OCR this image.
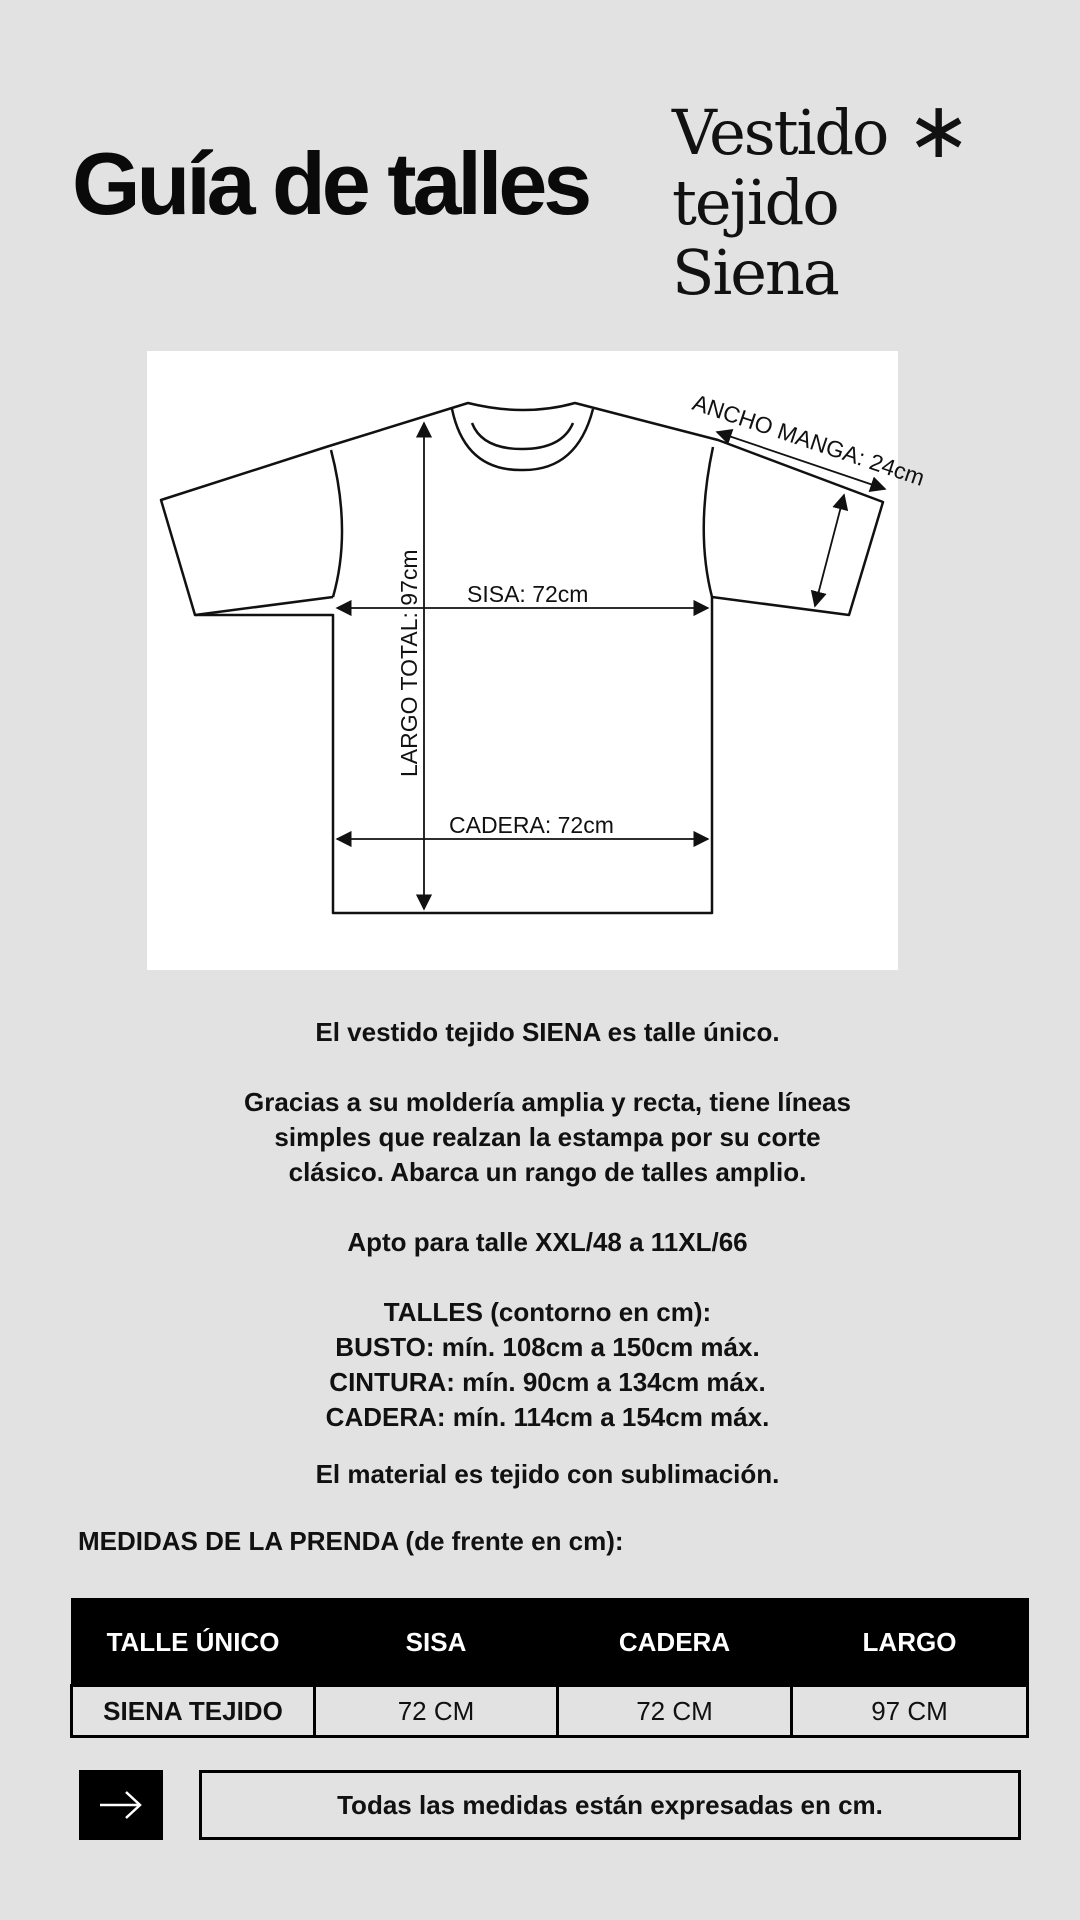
Guía de talles
Vestido
tejido Siena
∗
SISA: 72cm
CADERA: 72cm
LARGO TOTAL: 97cm
ANCHO MANGA: 24cm

El vestido tejido SIENA es talle único.

Gracias a su moldería amplia y recta, tiene líneas

simples que realzan la estampa por su corte

clásico. Abarca un rango de talles amplio.

Apto para talle XXL/48 a 11XL/66

TALLES (contorno en cm):

BUSTO: mín. 108cm a 150cm máx.

CINTURA: mín. 90cm a 134cm máx.

CADERA: mín. 114cm a 154cm máx.

El material es tejido con sublimación.

MEDIDAS DE LA PRENDA (de frente en cm):

TALLE ÚNICO	SISA	CADERA	LARGO
SIENA TEJIDO	72 CM	72 CM	97 CM
Todas las medidas están expresadas en cm.
